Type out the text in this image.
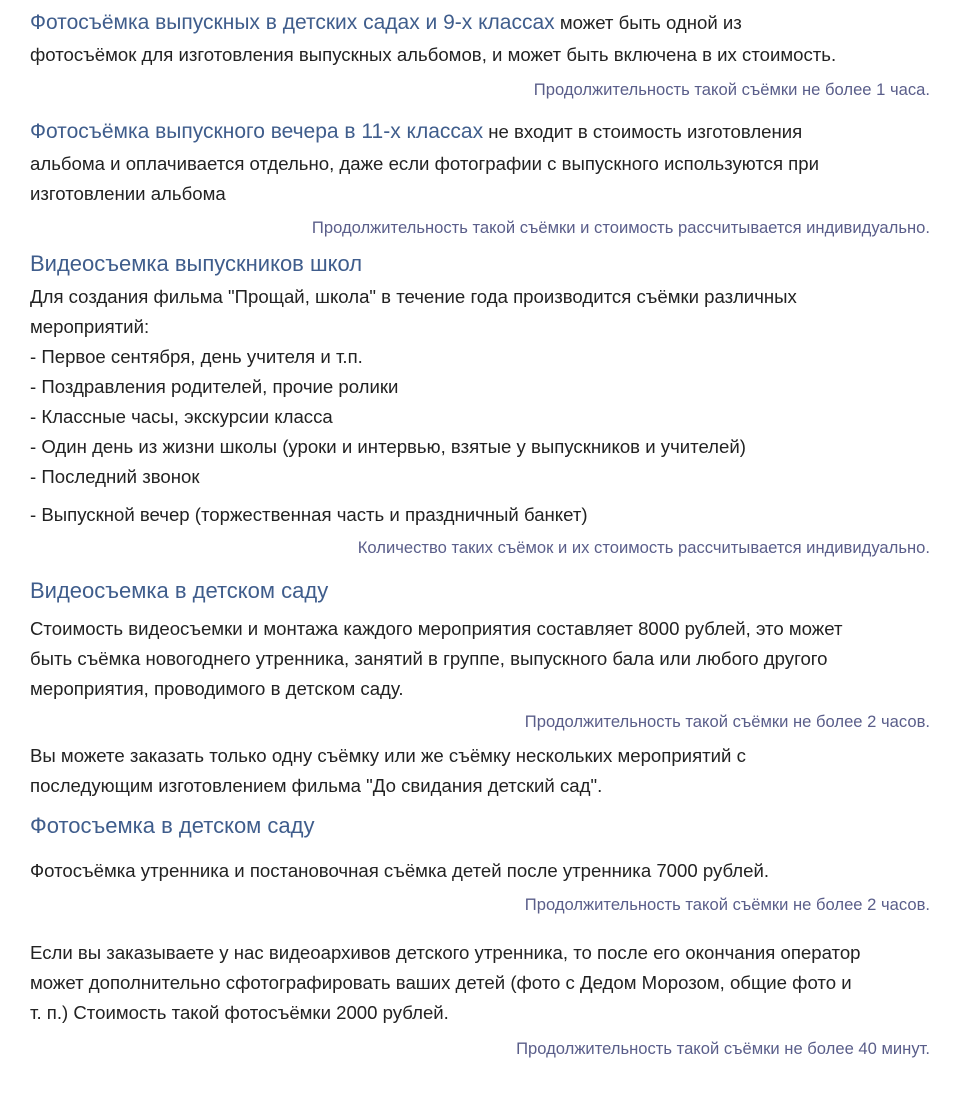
Фотосъёмка выпускных в детских садах и 9-х классах может быть одной из
фотосъёмок для изготовления выпускных альбомов, и может быть включена в их стоимость.
Продолжительность такой съёмки не более 1 часа.
Фотосъёмка выпускного вечера в 11-х классах не входит в стоимость изготовления
альбома и оплачивается отдельно, даже если фотографии с выпускного используются при
изготовлении альбома
Продолжительность такой съёмки и стоимость рассчитывается индивидуально.
Видеосъемка выпускников школ
Для создания фильма "Прощай, школа" в течение года производится съёмки различных
мероприятий:
- Первое сентября, день учителя и т.п.
- Поздравления родителей, прочие ролики
- Классные часы, экскурсии класса
- Один день из жизни школы (уроки и интервью, взятые у выпускников и учителей)
- Последний звонок
- Выпускной вечер (торжественная часть и праздничный банкет)
Количество таких съёмок и их стоимость рассчитывается индивидуально.
Видеосъемка в детском саду
Стоимость видеосъемки и монтажа каждого мероприятия составляет 8000 рублей, это может
быть съёмка новогоднего утренника, занятий в группе, выпускного бала или любого другого
мероприятия, проводимого в детском саду.
Продолжительность такой съёмки не более 2 часов.
Вы можете заказать только одну съёмку или же съёмку нескольких мероприятий с
последующим изготовлением фильма "До свидания детский сад".
Фотосъемка в детском саду
Фотосъёмка утренника и постановочная съёмка детей после утренника 7000 рублей.
Продолжительность такой съёмки не более 2 часов.
Если вы заказываете у нас видеоархивов детского утренника, то после его окончания оператор
может дополнительно сфотографировать ваших детей (фото с Дедом Морозом, общие фото и
т. п.) Стоимость такой фотосъёмки 2000 рублей.
Продолжительность такой съёмки не более 40 минут.
